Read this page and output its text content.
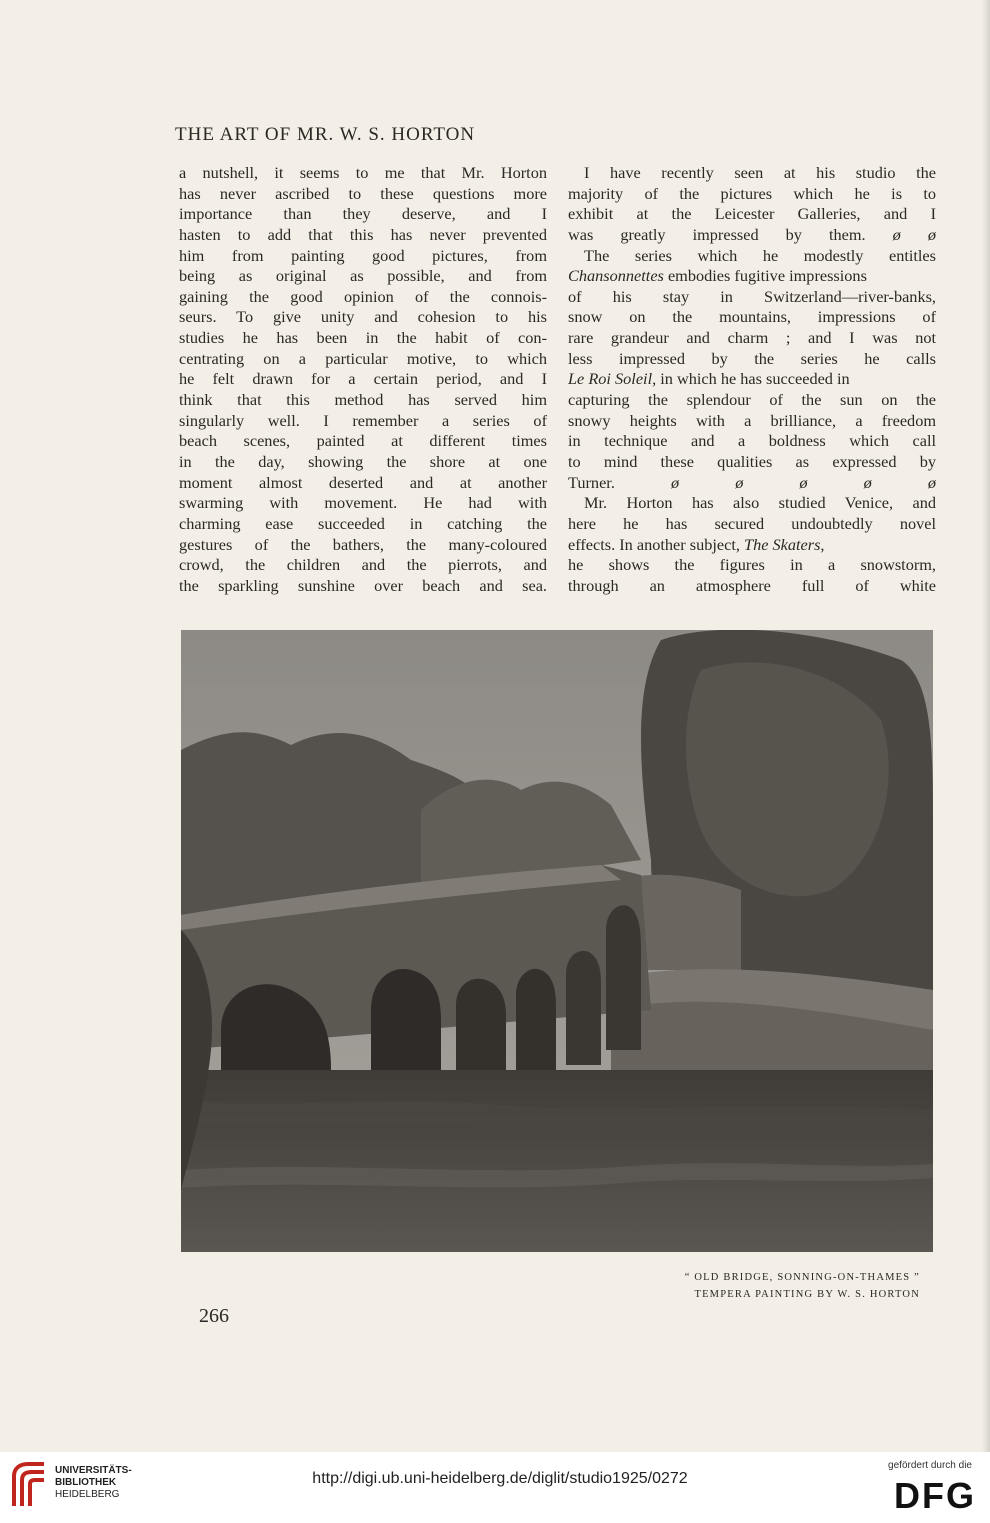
THE ART OF MR. W. S. HORTON
a nutshell, it seems to me that Mr. Horton
has never ascribed to these questions more
importance than they deserve, and I
hasten to add that this has never prevented
him from painting good pictures, from
being as original as possible, and from
gaining the good opinion of the connois-
seurs. To give unity and cohesion to his
studies he has been in the habit of con-
centrating on a particular motive, to which
he felt drawn for a certain period, and I
think that this method has served him
singularly well. I remember a series of
beach scenes, painted at different times
in the day, showing the shore at one
moment almost deserted and at another
swarming with movement. He had with
charming ease succeeded in catching the
gestures of the bathers, the many-coloured
crowd, the children and the pierrots, and
the sparkling sunshine over beach and sea.
I have recently seen at his studio the
majority of the pictures which he is to
exhibit at the Leicester Galleries, and I
was greatly impressed by them. ø ø
The series which he modestly entitles
Chansonnettes embodies fugitive impressions
of his stay in Switzerland—river-banks,
snow on the mountains, impressions of
rare grandeur and charm ; and I was not
less impressed by the series he calls
Le Roi Soleil, in which he has succeeded in
capturing the splendour of the sun on the
snowy heights with a brilliance, a freedom
in technique and a boldness which call
to mind these qualities as expressed by
Turner.	ø ø ø ø ø
Mr. Horton has also studied Venice, and
here he has secured undoubtedly novel
effects. In another subject, The Skaters,
he shows the figures in a snowstorm,
through an atmosphere full of white
“ OLD BRIDGE, SONNING-ON-THAMES ”
TEMPERA PAINTING BY W. S. HORTON
266
UNIVERSITÄTS-
BIBLIOTHEK
HEIDELBERG
http://digi.ub.uni-heidelberg.de/diglit/studio1925/0272
gefördert durch die
DFG
